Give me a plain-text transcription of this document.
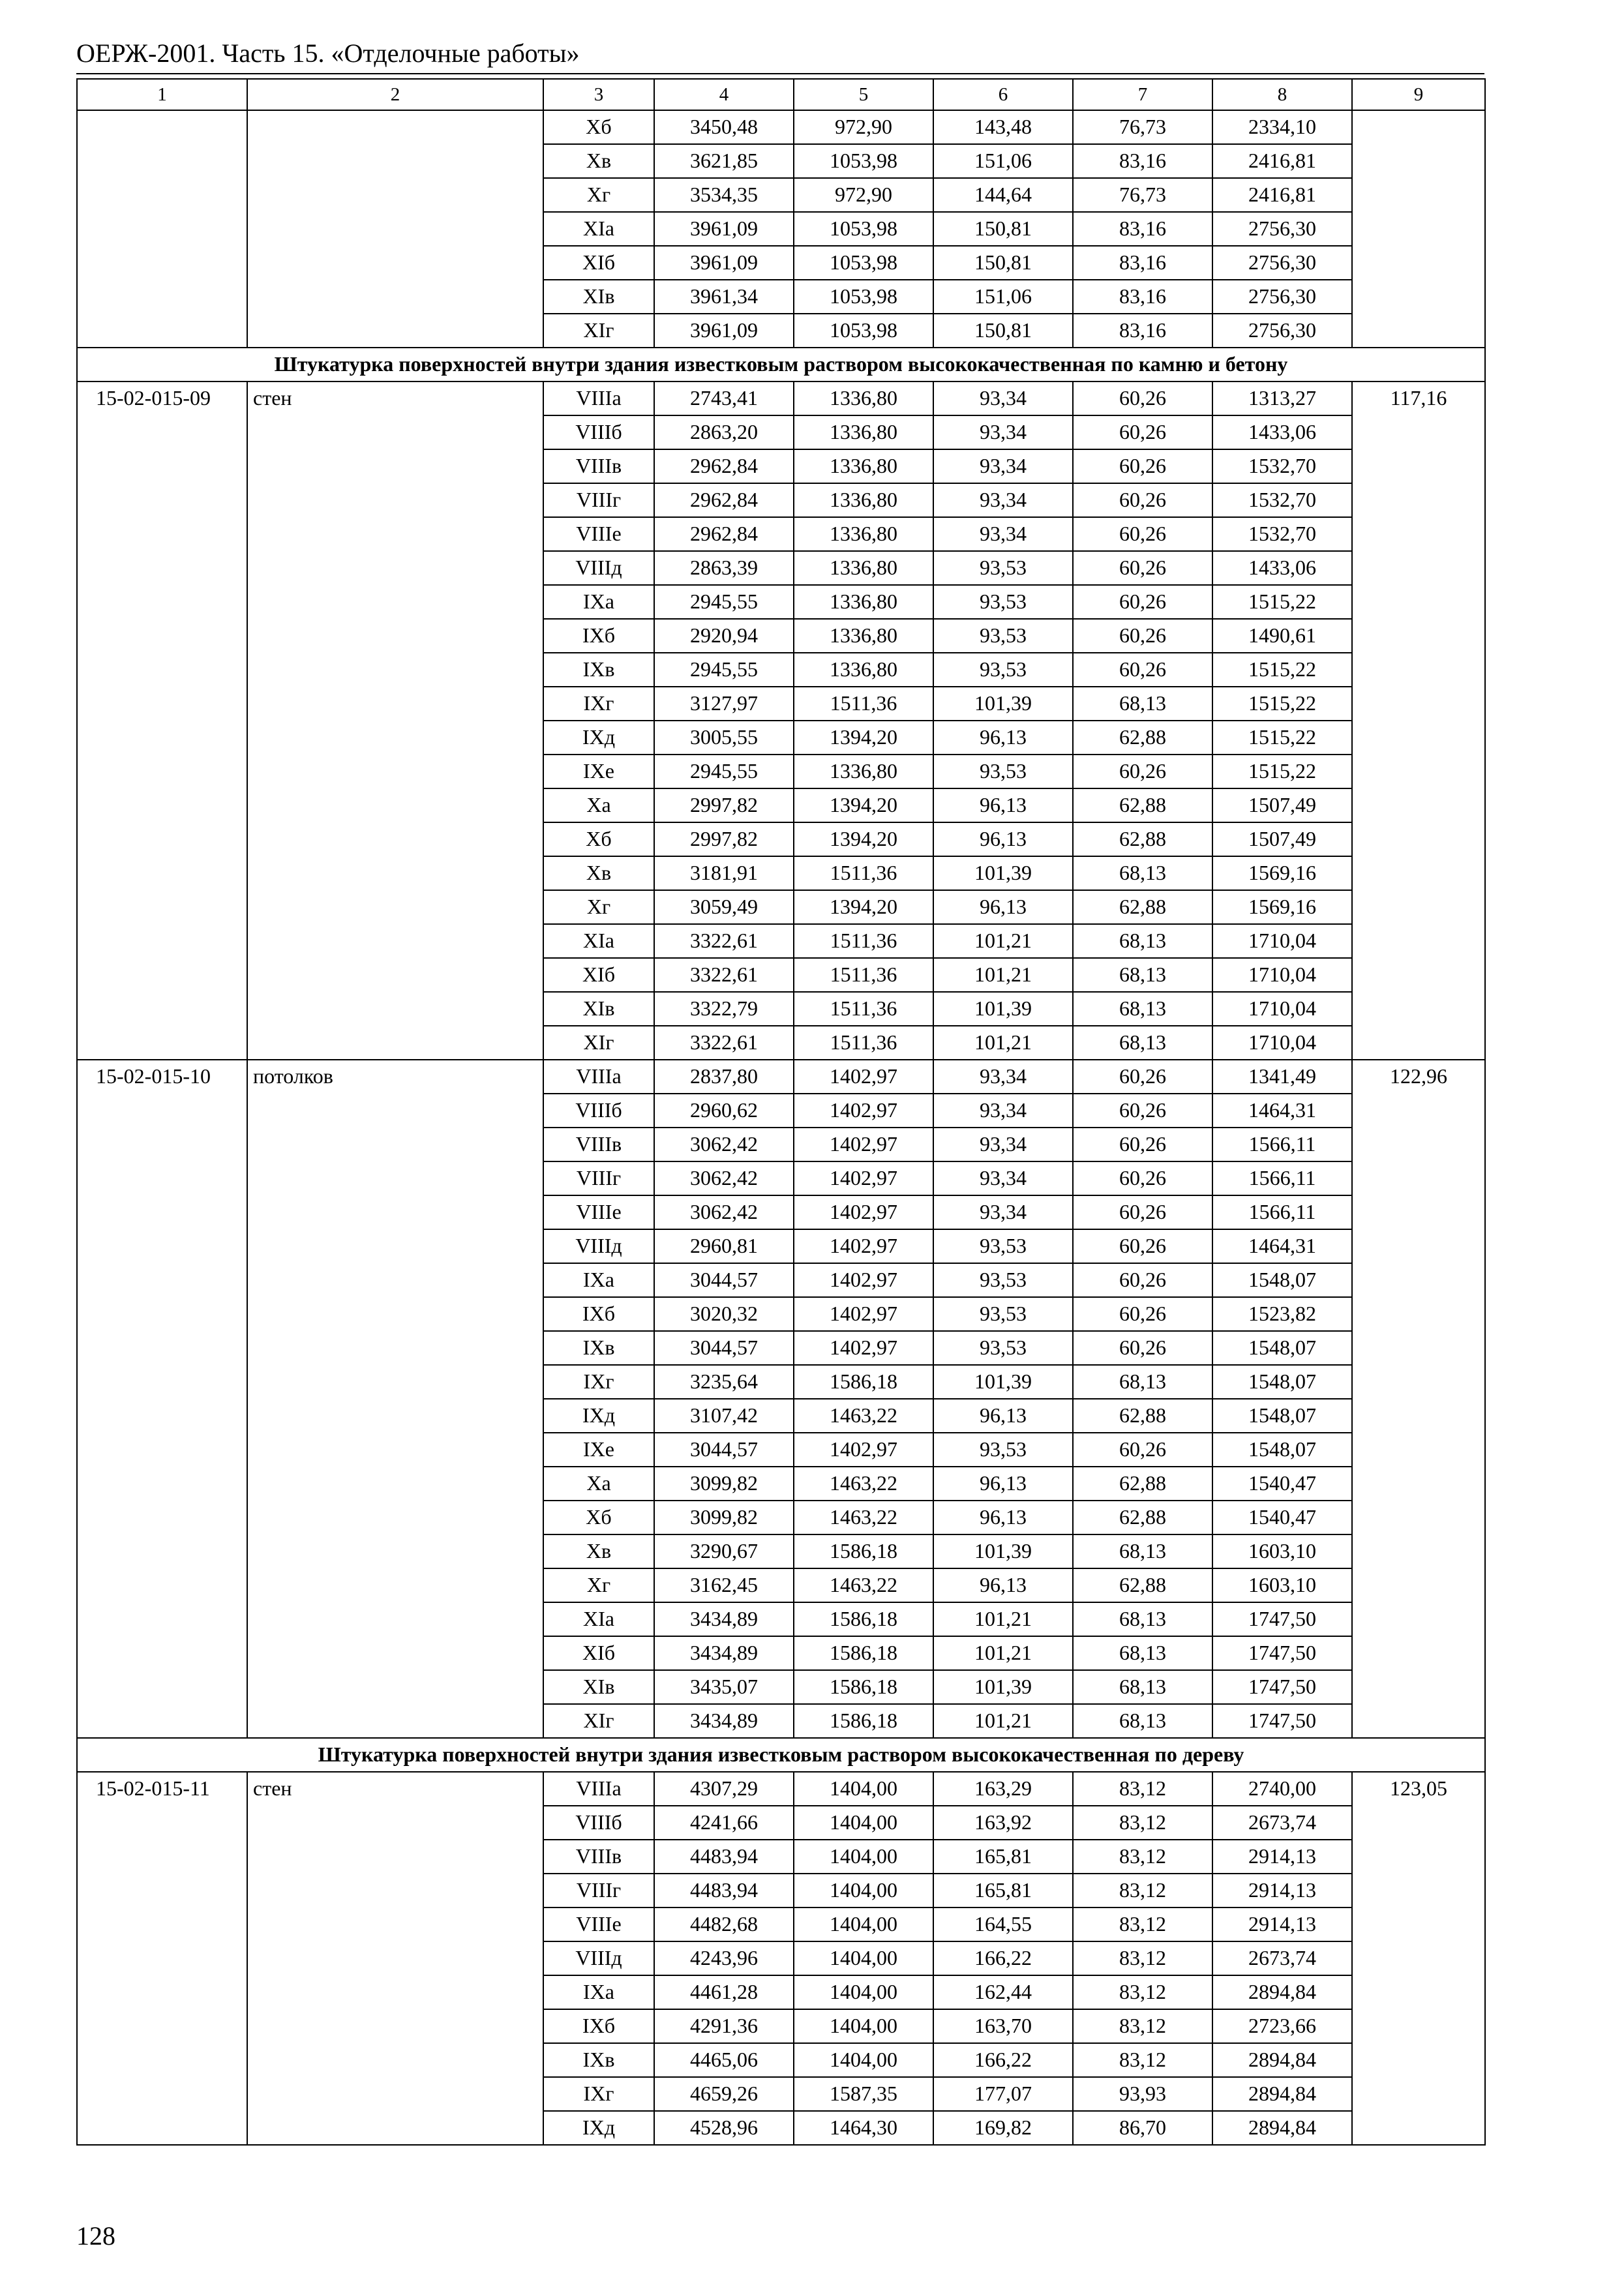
ОЕРЖ-2001. Часть 15. «Отделочные работы»
1	2	3	4	5	6	7	8	9
		Xб	3450,48	972,90	143,48	76,73	2334,10	
		Xв	3621,85	1053,98	151,06	83,16	2416,81	
		Xг	3534,35	972,90	144,64	76,73	2416,81	
		XIa	3961,09	1053,98	150,81	83,16	2756,30	
		XIб	3961,09	1053,98	150,81	83,16	2756,30	
		XIв	3961,34	1053,98	151,06	83,16	2756,30	
		XIг	3961,09	1053,98	150,81	83,16	2756,30	
Штукатурка поверхностей внутри здания известковым раствором высококачественная по камню и бетону								
15-02-015-09	стен	VIIIa	2743,41	1336,80	93,34	60,26	1313,27	117,16
		VIIIб	2863,20	1336,80	93,34	60,26	1433,06	
		VIIIв	2962,84	1336,80	93,34	60,26	1532,70	
		VIIIг	2962,84	1336,80	93,34	60,26	1532,70	
		VIIIе	2962,84	1336,80	93,34	60,26	1532,70	
		VIIIд	2863,39	1336,80	93,53	60,26	1433,06	
		IXa	2945,55	1336,80	93,53	60,26	1515,22	
		IXб	2920,94	1336,80	93,53	60,26	1490,61	
		IXв	2945,55	1336,80	93,53	60,26	1515,22	
		IXг	3127,97	1511,36	101,39	68,13	1515,22	
		IXд	3005,55	1394,20	96,13	62,88	1515,22	
		IXе	2945,55	1336,80	93,53	60,26	1515,22	
		Xa	2997,82	1394,20	96,13	62,88	1507,49	
		Xб	2997,82	1394,20	96,13	62,88	1507,49	
		Xв	3181,91	1511,36	101,39	68,13	1569,16	
		Xг	3059,49	1394,20	96,13	62,88	1569,16	
		XIa	3322,61	1511,36	101,21	68,13	1710,04	
		XIб	3322,61	1511,36	101,21	68,13	1710,04	
		XIв	3322,79	1511,36	101,39	68,13	1710,04	
		XIг	3322,61	1511,36	101,21	68,13	1710,04	
15-02-015-10	потолков	VIIIa	2837,80	1402,97	93,34	60,26	1341,49	122,96
		VIIIб	2960,62	1402,97	93,34	60,26	1464,31	
		VIIIв	3062,42	1402,97	93,34	60,26	1566,11	
		VIIIг	3062,42	1402,97	93,34	60,26	1566,11	
		VIIIе	3062,42	1402,97	93,34	60,26	1566,11	
		VIIIд	2960,81	1402,97	93,53	60,26	1464,31	
		IXa	3044,57	1402,97	93,53	60,26	1548,07	
		IXб	3020,32	1402,97	93,53	60,26	1523,82	
		IXв	3044,57	1402,97	93,53	60,26	1548,07	
		IXг	3235,64	1586,18	101,39	68,13	1548,07	
		IXд	3107,42	1463,22	96,13	62,88	1548,07	
		IXе	3044,57	1402,97	93,53	60,26	1548,07	
		Xa	3099,82	1463,22	96,13	62,88	1540,47	
		Xб	3099,82	1463,22	96,13	62,88	1540,47	
		Xв	3290,67	1586,18	101,39	68,13	1603,10	
		Xг	3162,45	1463,22	96,13	62,88	1603,10	
		XIa	3434,89	1586,18	101,21	68,13	1747,50	
		XIб	3434,89	1586,18	101,21	68,13	1747,50	
		XIв	3435,07	1586,18	101,39	68,13	1747,50	
		XIг	3434,89	1586,18	101,21	68,13	1747,50	
Штукатурка поверхностей внутри здания известковым раствором высококачественная по дереву								
15-02-015-11	стен	VIIIa	4307,29	1404,00	163,29	83,12	2740,00	123,05
		VIIIб	4241,66	1404,00	163,92	83,12	2673,74	
		VIIIв	4483,94	1404,00	165,81	83,12	2914,13	
		VIIIг	4483,94	1404,00	165,81	83,12	2914,13	
		VIIIе	4482,68	1404,00	164,55	83,12	2914,13	
		VIIIд	4243,96	1404,00	166,22	83,12	2673,74	
		IXa	4461,28	1404,00	162,44	83,12	2894,84	
		IXб	4291,36	1404,00	163,70	83,12	2723,66	
		IXв	4465,06	1404,00	166,22	83,12	2894,84	
		IXг	4659,26	1587,35	177,07	93,93	2894,84	
		IXд	4528,96	1464,30	169,82	86,70	2894,84	
128
